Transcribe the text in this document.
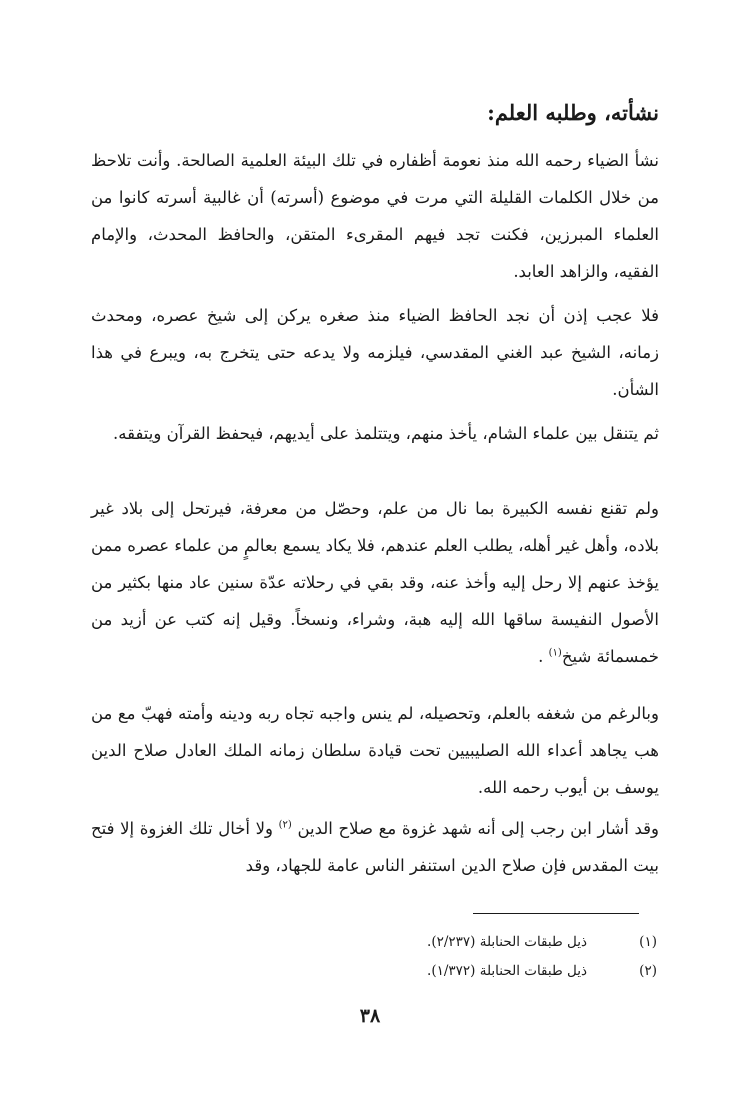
نشأته، وطلبه العلم:

نشأ الضياء رحمه الله منذ نعومة أظفاره في تلك البيئة العلمية الصالحة. وأنت تلاحظ من خلال الكلمات القليلة التي مرت في موضوع (أسرته) أن غالبية أسرته كانوا من العلماء المبرزين، فكنت تجد فيهم المقرىء المتقن، والحافظ المحدث، والإمام الفقيه، والزاهد العابد.

فلا عجب إذن أن نجد الحافظ الضياء منذ صغره يركن إلى شيخ عصره، ومحدث زمانه، الشيخ عبد الغني المقدسي، فيلزمه ولا يدعه حتى يتخرج به، ويبرع في هذا الشأن.

ثم يتنقل بين علماء الشام، يأخذ منهم، ويتتلمذ على أيديهم، فيحفظ القرآن ويتفقه.

ولم تقنع نفسه الكبيرة بما نال من علم، وحصّل من معرفة، فيرتحل إلى بلاد غير بلاده، وأهل غير أهله، يطلب العلم عندهم، فلا يكاد يسمع بعالمٍ من علماء عصره ممن يؤخذ عنهم إلا رحل إليه وأخذ عنه، وقد بقي في رحلاته عدّة سنين عاد منها بكثير من الأصول النفيسة ساقها الله إليه هبة، وشراء، ونسخاً. وقيل إنه كتب عن أزيد من خمسمائة شيخ$^{(١)}$ .

وبالرغم من شغفه بالعلم، وتحصيله، لم ينس واجبه تجاه ربه ودينه وأمته فهبّ مع من هب يجاهد أعداء الله الصليبيين تحت قيادة سلطان زمانه الملك العادل صلاح الدين يوسف بن أيوب رحمه الله.

وقد أشار ابن رجب إلى أنه شهد غزوة مع صلاح الدين $^{(٢)}$ ولا أخال تلك الغزوة إلا فتح بيت المقدس فإن صلاح الدين استنفر الناس عامة للجهاد، وقد

(١)ذيل طبقات الحنابلة (٢/٢٣٧).
(٢)ذيل طبقات الحنابلة (١/٣٧٢).
٣٨
